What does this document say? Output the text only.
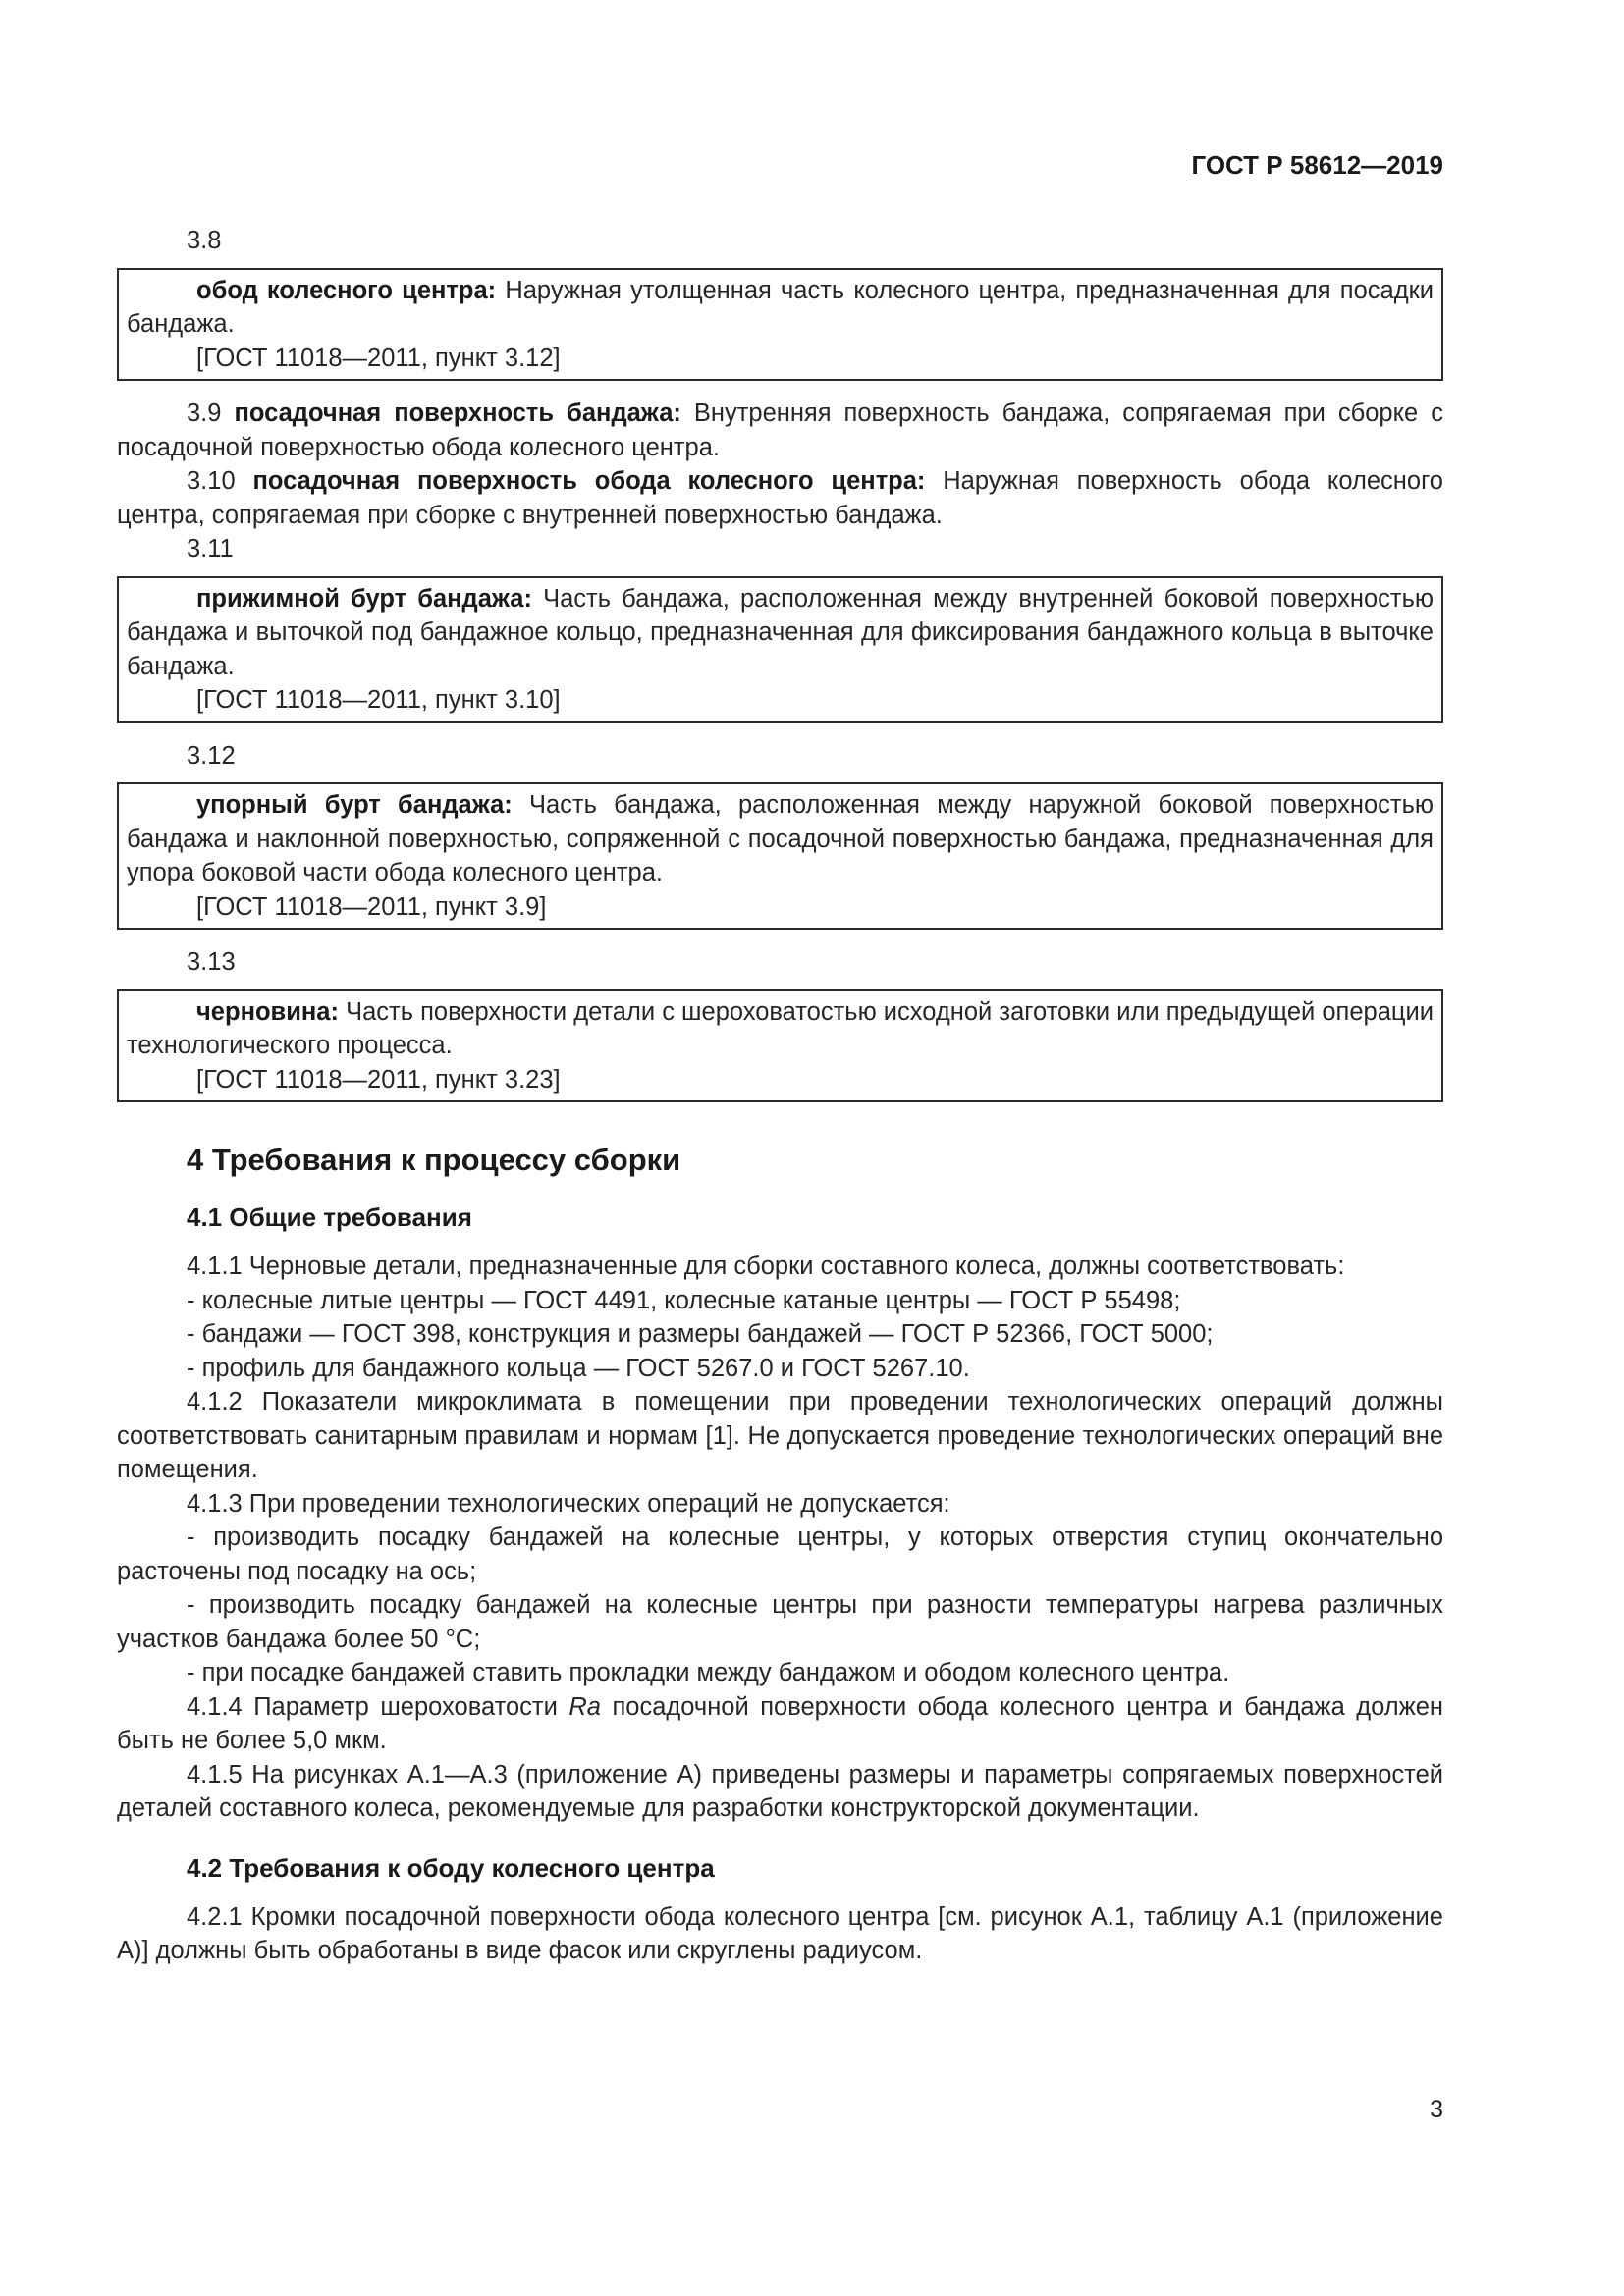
ГОСТ Р 58612—2019

3.8

обод колесного центра: Наружная утолщенная часть колесного центра, предназначенная для посадки бандажа.

[ГОСТ 11018—2011, пункт 3.12]

3.9 посадочная поверхность бандажа: Внутренняя поверхность бандажа, сопрягаемая при сборке с посадочной поверхностью обода колесного центра.

3.10 посадочная поверхность обода колесного центра: Наружная поверхность обода колесного центра, сопрягаемая при сборке с внутренней поверхностью бандажа.

3.11

прижимной бурт бандажа: Часть бандажа, расположенная между внутренней боковой поверхностью бандажа и выточкой под бандажное кольцо, предназначенная для фиксирования бандажного кольца в выточке бандажа.

[ГОСТ 11018—2011, пункт 3.10]

3.12

упорный бурт бандажа: Часть бандажа, расположенная между наружной боковой поверхностью бандажа и наклонной поверхностью, сопряженной с посадочной поверхностью бандажа, предназначенная для упора боковой части обода колесного центра.

[ГОСТ 11018—2011, пункт 3.9]

3.13

черновина: Часть поверхности детали с шероховатостью исходной заготовки или предыдущей операции технологического процесса.

[ГОСТ 11018—2011, пункт 3.23]

4 Требования к процессу сборки
4.1 Общие требования

4.1.1 Черновые детали, предназначенные для сборки составного колеса, должны соответствовать:

- колесные литые центры — ГОСТ 4491, колесные катаные центры — ГОСТ Р 55498;

- бандажи — ГОСТ 398, конструкция и размеры бандажей — ГОСТ Р 52366, ГОСТ 5000;

- профиль для бандажного кольца — ГОСТ 5267.0 и ГОСТ 5267.10.

4.1.2 Показатели микроклимата в помещении при проведении технологических операций должны соответствовать санитарным правилам и нормам [1]. Не допускается проведение технологических операций вне помещения.

4.1.3 При проведении технологических операций не допускается:

- производить посадку бандажей на колесные центры, у которых отверстия ступиц окончательно расточены под посадку на ось;

- производить посадку бандажей на колесные центры при разности температуры нагрева различных участков бандажа более 50 °С;

- при посадке бандажей ставить прокладки между бандажом и ободом колесного центра.

4.1.4 Параметр шероховатости Ra посадочной поверхности обода колесного центра и бандажа должен быть не более 5,0 мкм.

4.1.5 На рисунках А.1—А.3 (приложение А) приведены размеры и параметры сопрягаемых поверхностей деталей составного колеса, рекомендуемые для разработки конструкторской документации.

4.2 Требования к ободу колесного центра

4.2.1 Кромки посадочной поверхности обода колесного центра [см. рисунок А.1, таблицу А.1 (приложение А)] должны быть обработаны в виде фасок или скруглены радиусом.

3
